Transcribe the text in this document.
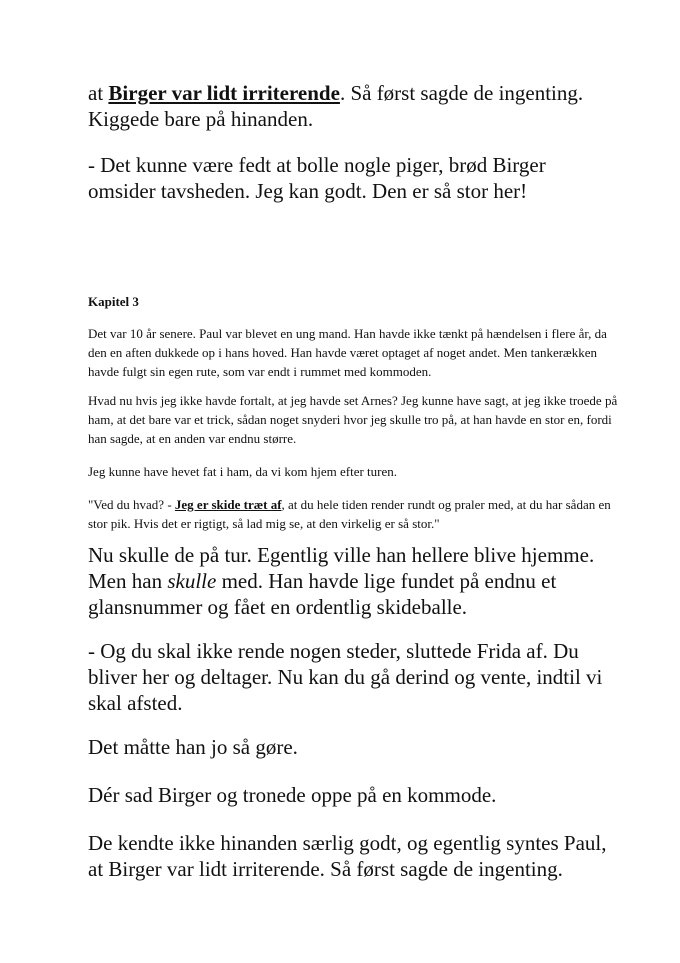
at Birger var lidt irriterende. Så først sagde de ingenting. Kiggede bare på hinanden.

- Det kunne være fedt at bolle nogle piger, brød Birger omsider tavsheden. Jeg kan godt. Den er så stor her!

Kapitel 3

Det var 10 år senere. Paul var blevet en ung mand. Han havde ikke tænkt på hændelsen i flere år, da den en aften dukkede op i hans hoved. Han havde været optaget af noget andet. Men tankerækken havde fulgt sin egen rute, som var endt i rummet med kommoden.

Hvad nu hvis jeg ikke havde fortalt, at jeg havde set Arnes? Jeg kunne have sagt, at jeg ikke troede på ham, at det bare var et trick, sådan noget snyderi hvor jeg skulle tro på, at han havde en stor en, fordi han sagde, at en anden var endnu større.

Jeg kunne have hevet fat i ham, da vi kom hjem efter turen.

"Ved du hvad? - Jeg er skide træt af, at du hele tiden render rundt og praler med, at du har sådan en stor pik. Hvis det er rigtigt, så lad mig se, at den virkelig er så stor."

Nu skulle de på tur. Egentlig ville han hellere blive hjemme. Men han skulle med. Han havde lige fundet på endnu et glansnummer og fået en ordentlig skideballe.

- Og du skal ikke rende nogen steder, sluttede Frida af. Du bliver her og deltager. Nu kan du gå derind og vente, indtil vi skal afsted.

Det måtte han jo så gøre.

Dér sad Birger og tronede oppe på en kommode.

De kendte ikke hinanden særlig godt, og egentlig syntes Paul, at Birger var lidt irriterende. Så først sagde de ingenting.
